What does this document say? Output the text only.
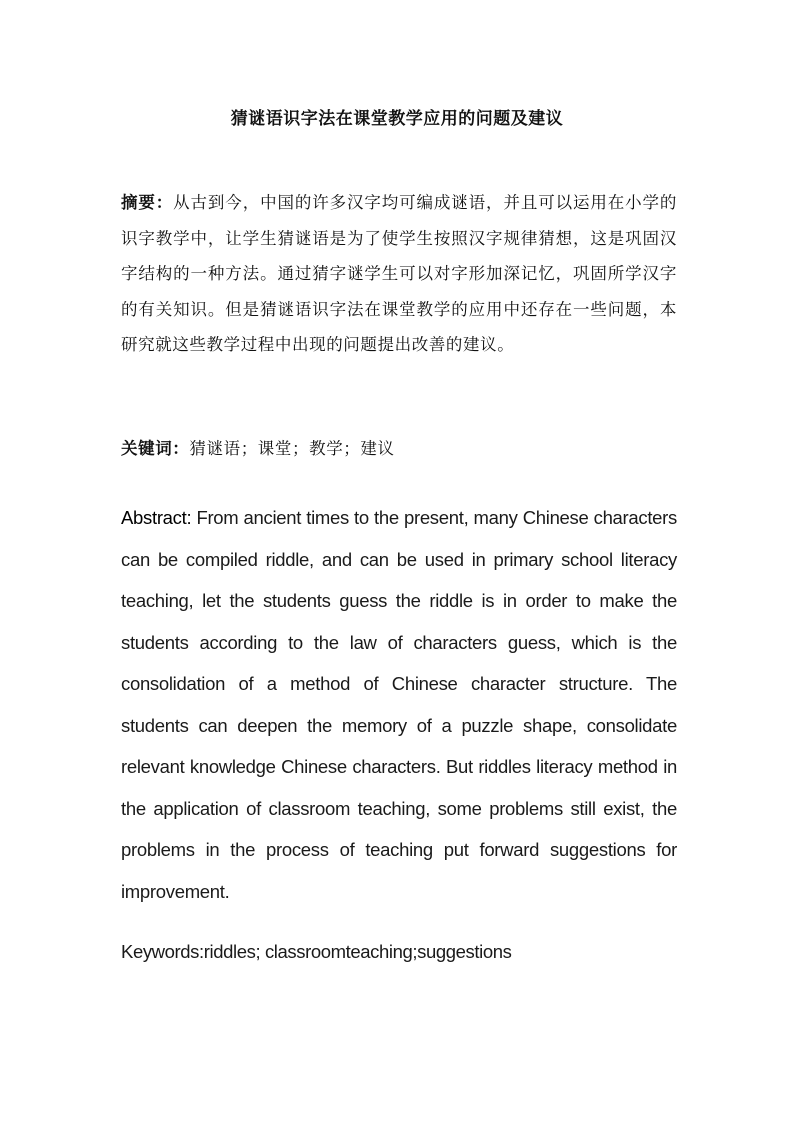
猜谜语识字法在课堂教学应用的问题及建议
摘要：从古到今，中国的许多汉字均可编成谜语，并且可以运用在小学的识字教学中，让学生猜谜语是为了使学生按照汉字规律猜想，这是巩固汉字结构的一种方法。通过猜字谜学生可以对字形加深记忆，巩固所学汉字的有关知识。但是猜谜语识字法在课堂教学的应用中还存在一些问题，本研究就这些教学过程中出现的问题提出改善的建议。
关键词：猜谜语；课堂；教学；建议
Abstract: From ancient times to the present, many Chinese characters can be compiled riddle, and can be used in primary school literacy teaching, let the students guess the riddle is in order to make the students according to the law of characters guess, which is the consolidation of a method of Chinese character structure. The students can deepen the memory of a puzzle shape, consolidate relevant knowledge Chinese characters. But riddles literacy method in the application of classroom teaching, some problems still exist, the problems in the process of teaching put forward suggestions for improvement.
Keywords:riddles; classroomteaching;suggestions
